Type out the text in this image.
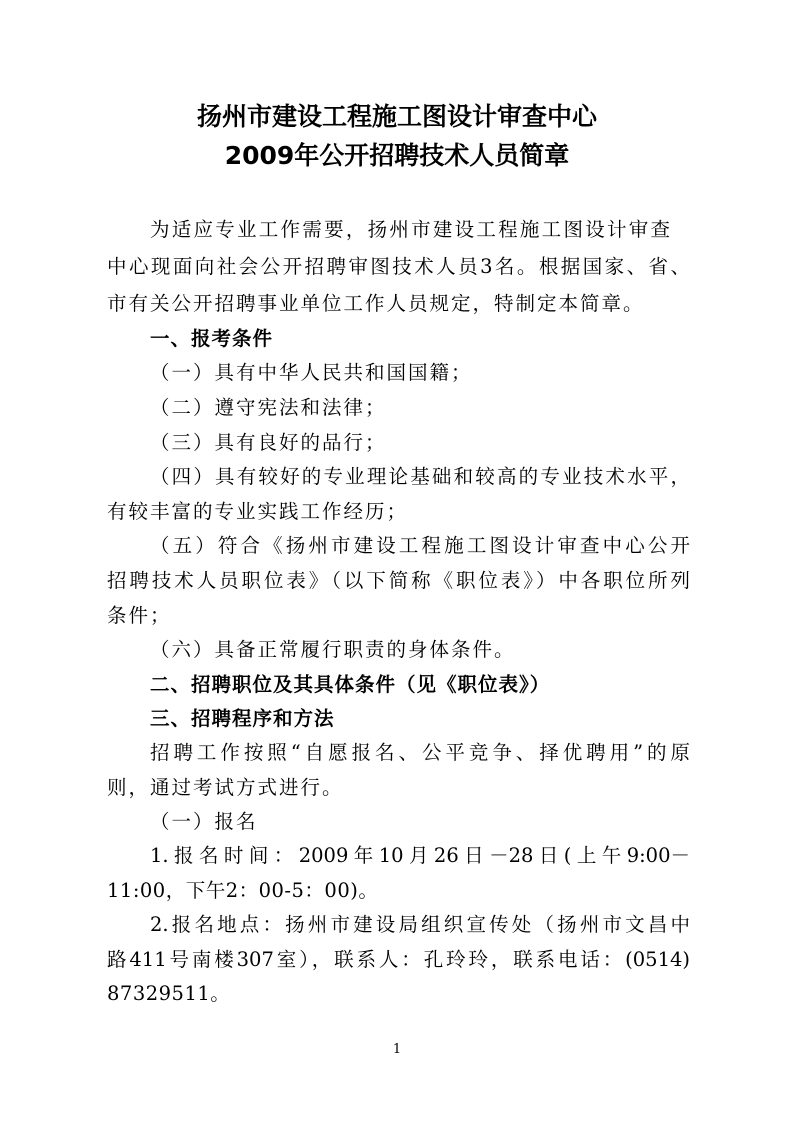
扬州市建设工程施工图设计审查中心
2009年公开招聘技术人员简章
为适应专业工作需要，扬州市建设工程施工图设计审查
中心现面向社会公开招聘审图技术人员3名。根据国家、省、
市有关公开招聘事业单位工作人员规定，特制定本简章。
一、报考条件
（一）具有中华人民共和国国籍；
（二）遵守宪法和法律；
（三）具有良好的品行；
（四）具有较好的专业理论基础和较高的专业技术水平，
有较丰富的专业实践工作经历；
（五）符合《扬州市建设工程施工图设计审查中心公开
招聘技术人员职位表》（以下简称《职位表》）中各职位所列
条件；
（六）具备正常履行职责的身体条件。
二、招聘职位及其具体条件（见《职位表》）
三、招聘程序和方法
招聘工作按照“自愿报名、公平竞争、择优聘用”的原
则，通过考试方式进行。
（一）报名
1.报名时间：2009年10月26日－28日(上午9:00－
11:00，下午2：00-5：00)。
2.报名地点：扬州市建设局组织宣传处（扬州市文昌中
路411号南楼307室），联系人：孔玲玲，联系电话：(0514)
87329511。
1
